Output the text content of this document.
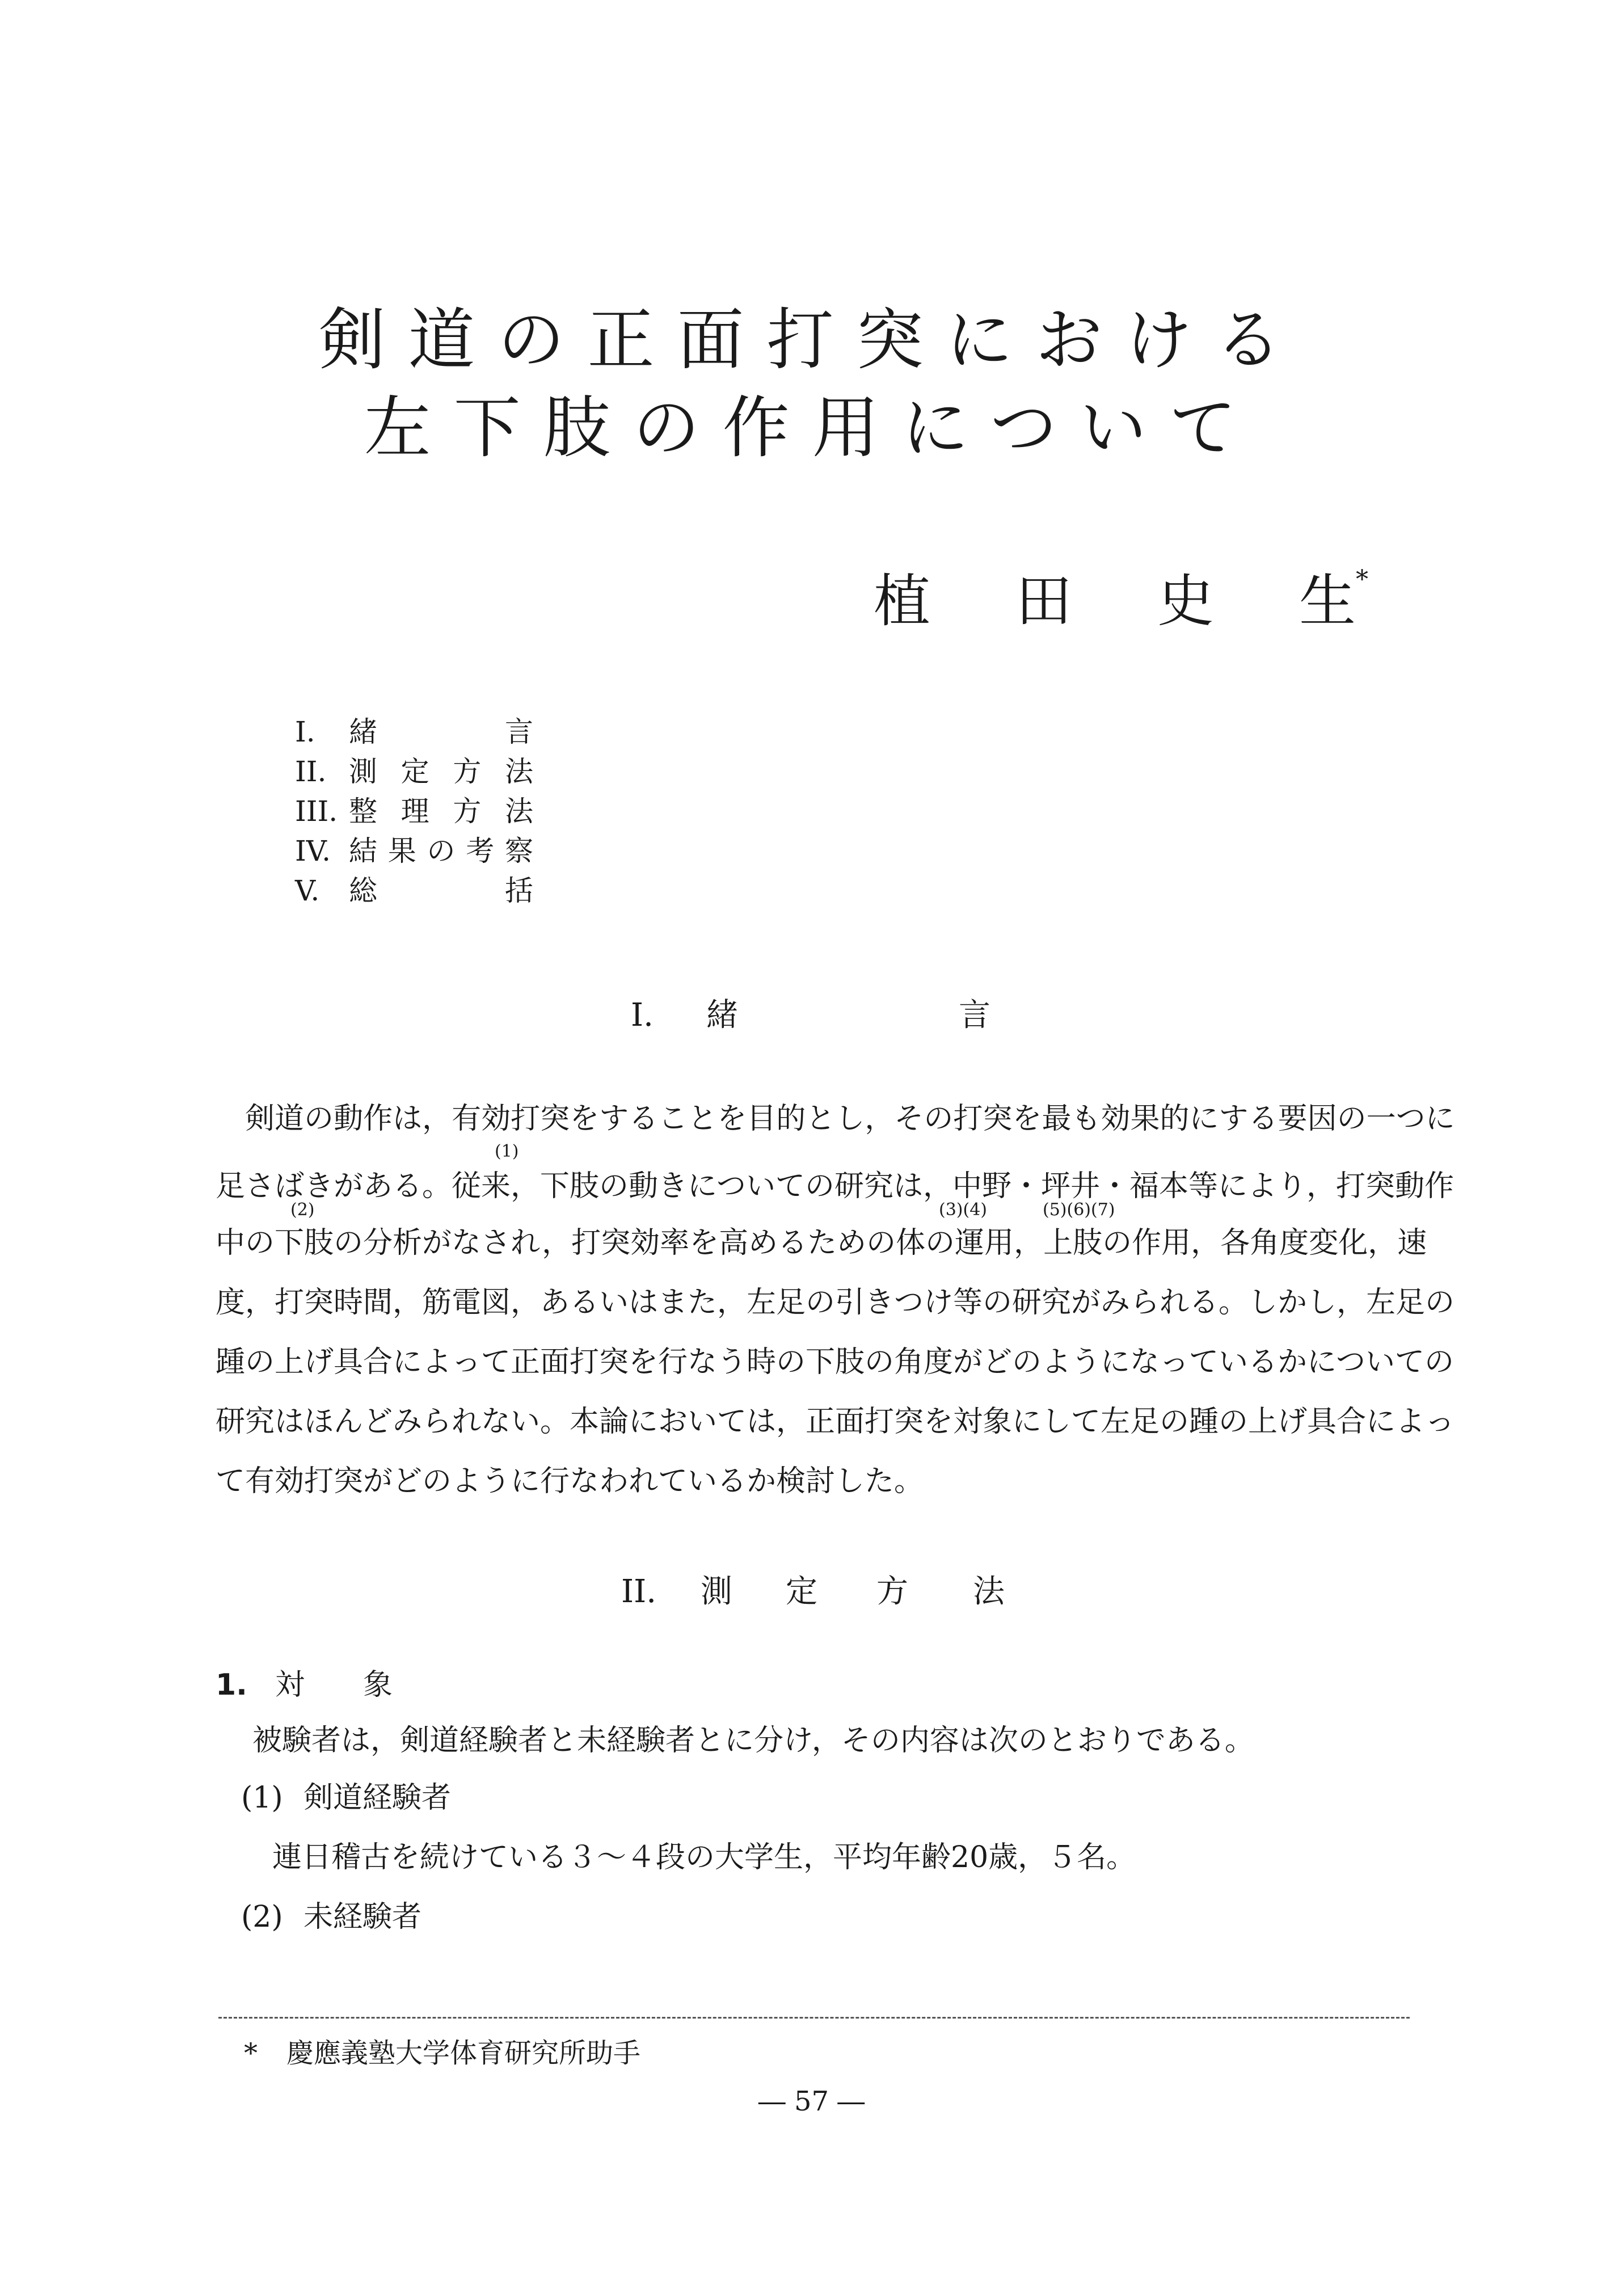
剣道の正面打突における
左下肢の作用について
植 田 史 生*
I.	緒	言
II. 測 定 方 法
III. 整 理 方 法
IV. 結 果 の 考 察
V.	総	括
I. 緒	言

剣 道 の 動 作 は ， 有 効 打 突 を す る こ と を 目 的 と し ， そ の 打 突 を 最 も 効 果 的 に す る 要 因 の 一 つ に
(1)
足さばきがある。従来，下肢の動きについての研究は，中野・坪井・福本等により，打突動作
(2)	(3)(4)	(5)(6)(7)
中の下肢の分析がなされ，打突効率を高めるための体の運用，上肢の作用，各角度変化，速
度，打突時間，筋電図，あるいはまた，左足の引きつけ等の研究がみられる。しかし，左足の
踵の上げ具合によって正面打突を行なう時の下肢の角度がどのようになっているかについての
研究はほんどみられない。本論においては，正面打突を対象にして左足の踵の上げ具合によっ
て有効打突がどのように行なわれているか検討した。
II. 測 定 方 法
1. 対 象
被験者は，剣道経験者と未経験者とに分け，その内容は次のとおりである。
(1) 剣道経験者
連日稽古を続けている３～４段の大学生，平均年齢20歳，５名。
(2) 未経験者
* 慶應義塾大学体育研究所助手
― 57 ―
